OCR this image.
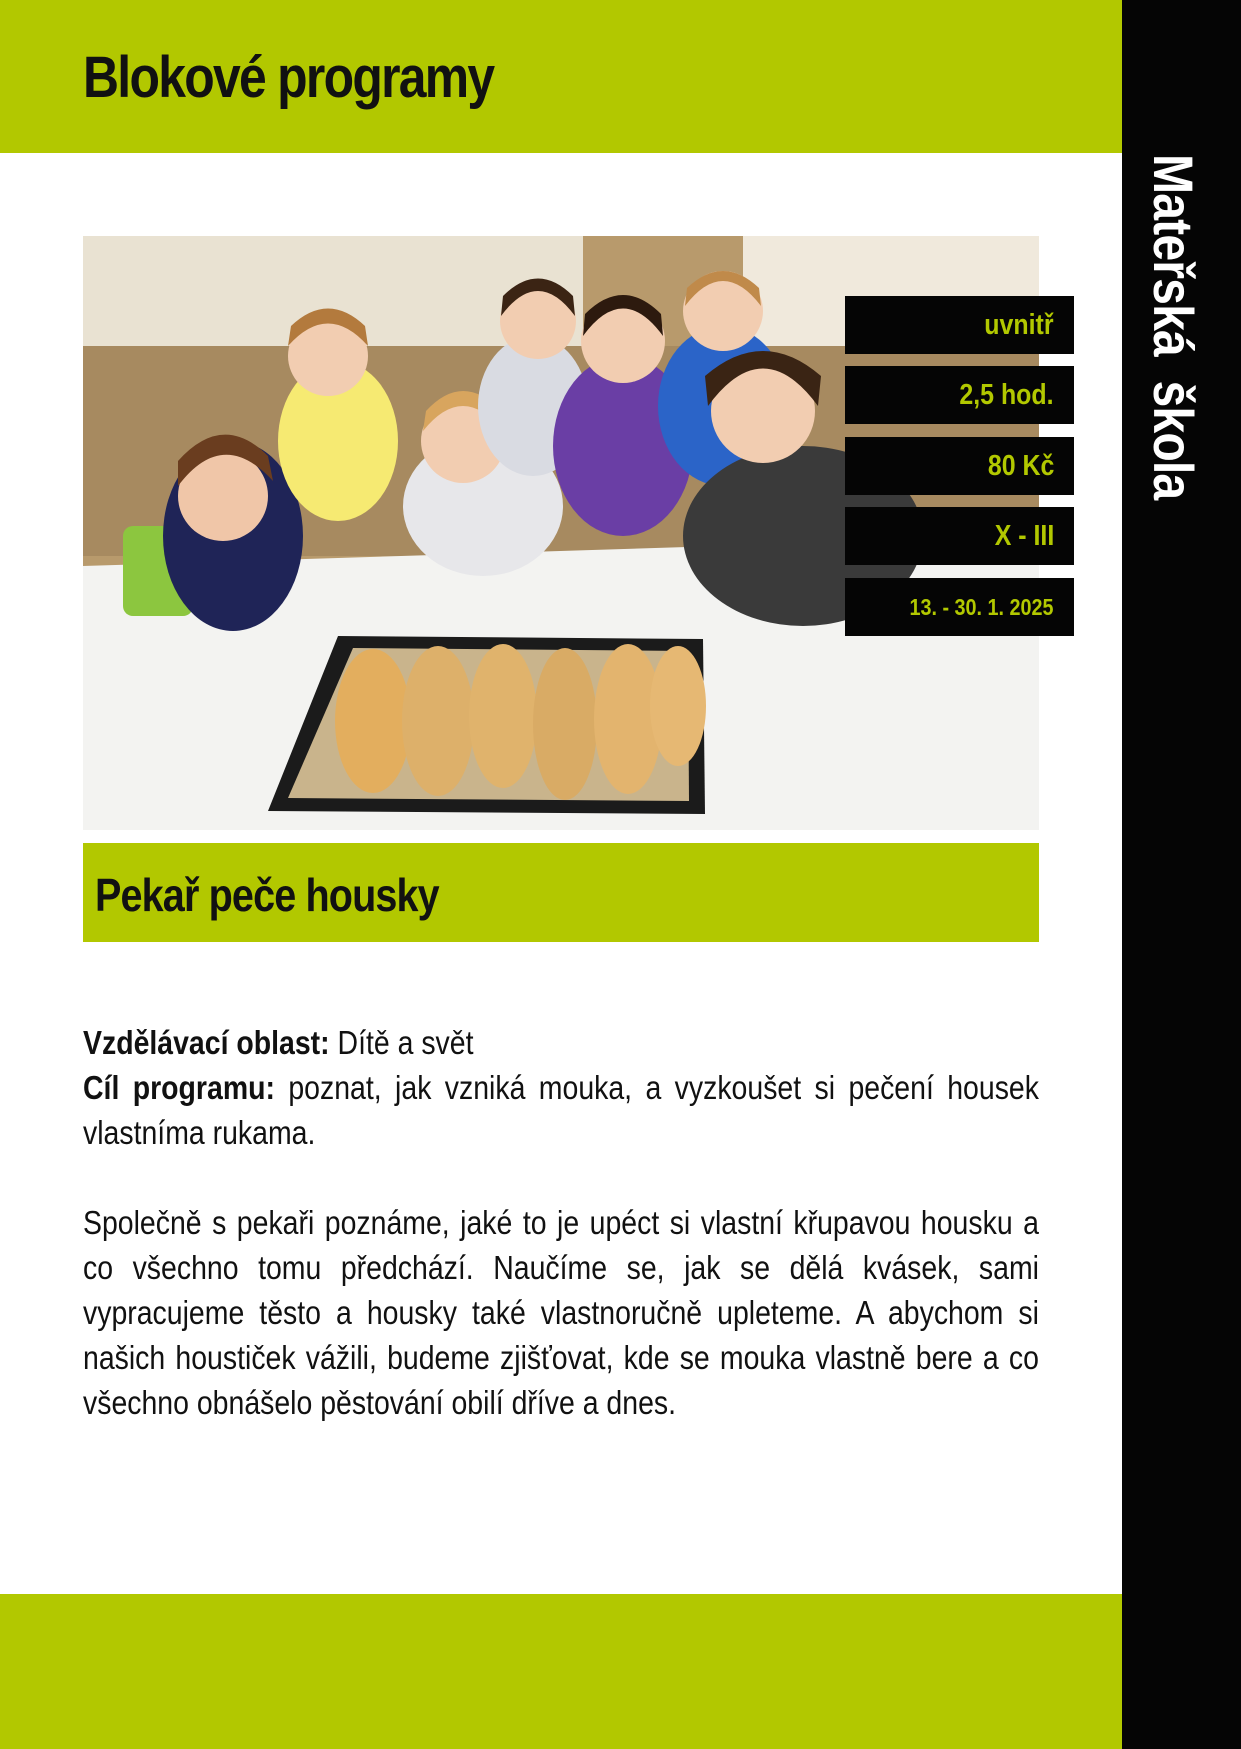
Blokové programy
Mateřská škola
uvnitř
2,5 hod.
80 Kč
X - III
13. - 30. 1. 2025
Pekař peče housky

Vzdělávací oblast: Dítě a svět

Cíl programu: poznat, jak vzniká mouka, a vyzkoušet si pečení housek vlastníma rukama.

Společně s pekaři poznáme, jaké to je upéct si vlastní křupavou housku a co všechno tomu předchází. Naučíme se, jak se dělá kvásek, sami vypracujeme těsto a housky také vlastnoručně upleteme. A abychom si našich houstiček vážili, budeme zjišťovat, kde se mouka vlastně bere a co všechno obnášelo pěstování obilí dříve a dnes.
